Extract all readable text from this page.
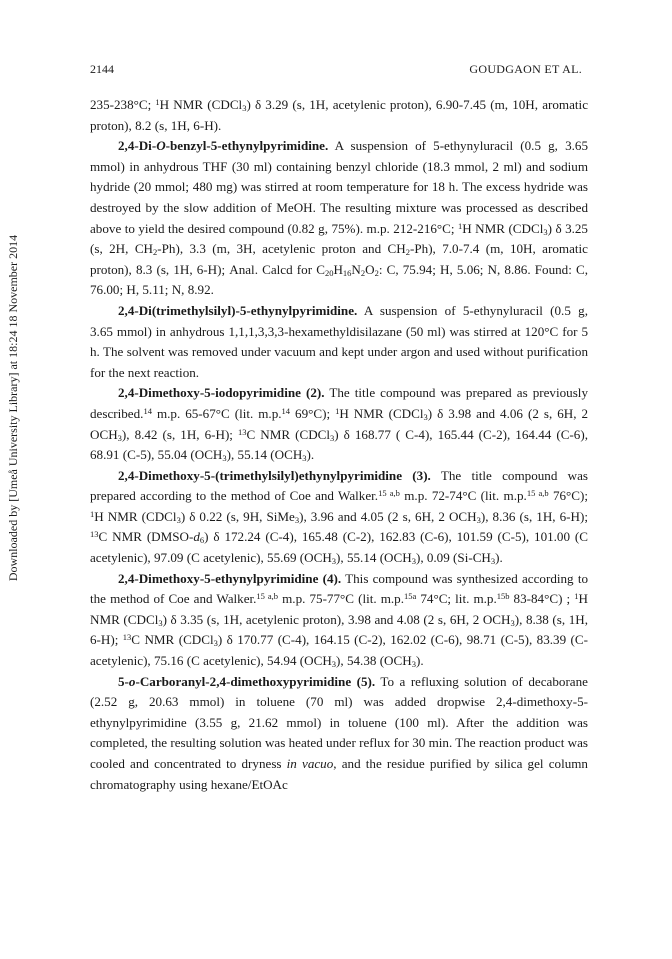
2144	GOUDGAON ET AL.
Downloaded by [Umeå University Library] at 18:24 18 November 2014

235-238°C; $^1$H NMR (CDCl$_3$) δ 3.29 (s, 1H, acetylenic proton), 6.90-7.45 (m, 10H, aromatic proton), 8.2 (s, 1H, 6-H).

2,4-Di-O-benzyl-5-ethynylpyrimidine. A suspension of 5-ethynyluracil (0.5 g, 3.65 mmol) in anhydrous THF (30 ml) containing benzyl chloride (18.3 mmol, 2 ml) and sodium hydride (20 mmol; 480 mg) was stirred at room temperature for 18 h. The excess hydride was destroyed by the slow addition of MeOH. The resulting mixture was processed as described above to yield the desired compound (0.82 g, 75%). m.p. 212-216°C; $^1$H NMR (CDCl$_3$) δ 3.25 (s, 2H, $CH_2-Ph$), 3.3 (m, 3H, acetylenic proton and $CH_2-Ph$), 7.0-7.4 (m, 10H, aromatic proton), 8.3 (s, 1H, 6-H); Anal. Calcd for $C_{20}H_{16}N_2O_2$: C, 75.94; H, 5.06; N, 8.86. Found: C, 76.00; H, 5.11; N, 8.92.

2,4-Di(trimethylsilyl)-5-ethynylpyrimidine. A suspension of 5-ethynyluracil (0.5 g, 3.65 mmol) in anhydrous 1,1,1,3,3,3-hexamethyldisilazane (50 ml) was stirred at 120°C for 5 h. The solvent was removed under vacuum and kept under argon and used without purification for the next reaction.

2,4-Dimethoxy-5-iodopyrimidine (2). The title compound was prepared as previously described.$^{14}$ m.p. 65-67°C (lit. m.p.$^{14}$ 69°C); $^1$H NMR (CDCl$_3$) δ 3.98 and 4.06 (2 s, 6H, 2 $OCH_3$), 8.42 (s, 1H, 6-H); $^{13}$C NMR (CDCl$_3$) δ 168.77 ( C-4), 165.44 (C-2), 164.44 (C-6), 68.91 (C-5), 55.04 $(OCH_3)$, 55.14 $(OCH_3)$.

2,4-Dimethoxy-5-(trimethylsilyl)ethynylpyrimidine (3). The title compound was prepared according to the method of Coe and Walker.$^{15 a,b}$ m.p. 72-74°C (lit. m.p.$^{15 a,b}$ 76°C); $^1$H NMR (CDCl$_3$) δ 0.22 (s, 9H, SiMe$_3$), 3.96 and 4.05 (2 s, 6H, 2 $OCH_3$), 8.36 (s, 1H, 6-H); $^{13}$C NMR $(DMSO-d_6)$ δ 172.24 (C-4), 165.48 (C-2), 162.83 (C-6), 101.59 (C-5), 101.00 (C acetylenic), 97.09 (C acetylenic), 55.69 $(OCH_3)$, 55.14 $(OCH_3)$, 0.09 $(Si-CH_3)$.

2,4-Dimethoxy-5-ethynylpyrimidine (4). This compound was synthesized according to the method of Coe and Walker.$^{15 a,b}$ m.p. 75-77°C (lit. m.p.$^{15a}$ 74°C; lit. m.p.$^{15b}$ 83-84°C) ; $^1$H NMR (CDCl$_3$) δ 3.35 (s, 1H, acetylenic proton), 3.98 and 4.08 (2 s, 6H, 2 $OCH_3$), 8.38 (s, 1H, 6-H); $^{13}$C NMR (CDCl$_3$) δ 170.77 (C-4), 164.15 (C-2), 162.02 (C-6), 98.71 (C-5), 83.39 (C-acetylenic), 75.16 (C acetylenic), 54.94 $(OCH_3)$, 54.38 $(OCH_3)$.

5-o-Carboranyl-2,4-dimethoxypyrimidine (5). To a refluxing solution of decaborane (2.52 g, 20.63 mmol) in toluene (70 ml) was added dropwise 2,4-dimethoxy-5-ethynylpyrimidine (3.55 g, 21.62 mmol) in toluene (100 ml). After the addition was completed, the resulting solution was heated under reflux for 30 min. The reaction product was cooled and concentrated to dryness in vacuo, and the residue purified by silica gel column chromatography using hexane/EtOAc
